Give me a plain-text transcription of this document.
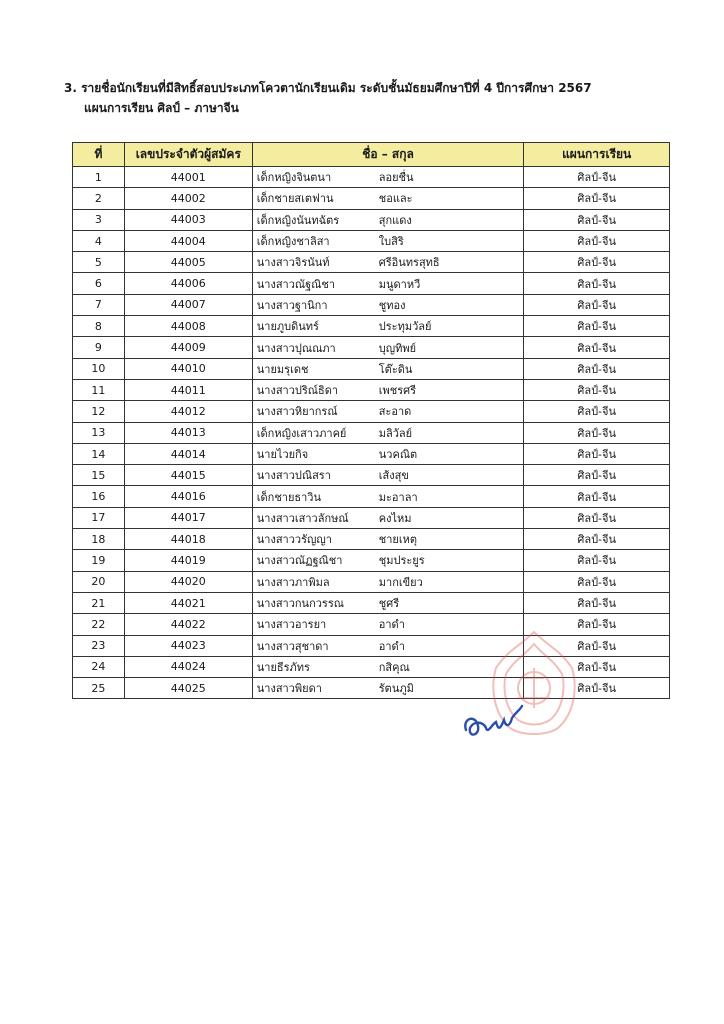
3. รายชื่อนักเรียนที่มีสิทธิ์สอบประเภทโควตานักเรียนเดิม ระดับชั้นมัธยมศึกษาปีที่ 4 ปีการศึกษา 2567
แผนการเรียน ศิลป์ – ภาษาจีน
ที่	เลขประจำตัวผู้สมัคร	ชื่อ – สกุล	แผนการเรียน
1	44001	เด็กหญิงจินตนา ลอยชื่น	ศิลป์-จีน
2	44002	เด็กชายสเตฟาน ชอและ	ศิลป์-จีน
3	44003	เด็กหญิงนันทฉัตร สุกแดง	ศิลป์-จีน
4	44004	เด็กหญิงชาลิสา ใบสิริ	ศิลป์-จีน
5	44005	นางสาวจิรนันท์ ศรีอินทรสุทธิ	ศิลป์-จีน
6	44006	นางสาวณัฐณิชา มนูดาหวี	ศิลป์-จีน
7	44007	นางสาวฐานิกา ชูทอง	ศิลป์-จีน
8	44008	นายภูบดินทร์ ประทุมวัลย์	ศิลป์-จีน
9	44009	นางสาวปุณณภา บุญทิพย์	ศิลป์-จีน
10	44010	นายมรุเดช โต๊ะดิน	ศิลป์-จีน
11	44011	นางสาวปริณ์ธิดา เพชรศรี	ศิลป์-จีน
12	44012	นางสาวหิยากรณ์ สะอาด	ศิลป์-จีน
13	44013	เด็กหญิงเสาวภาคย์ มลิวัลย์	ศิลป์-จีน
14	44014	นายไวยกิจ นวคณิต	ศิลป์-จีน
15	44015	นางสาวปณิสรา เส้งสุข	ศิลป์-จีน
16	44016	เด็กชายธาวิน มะอาลา	ศิลป์-จีน
17	44017	นางสาวเสาวลักษณ์ คงไหม	ศิลป์-จีน
18	44018	นางสาววรัญญา ชายเหตุ	ศิลป์-จีน
19	44019	นางสาวณัฏฐณิชา ชุมประยูร	ศิลป์-จีน
20	44020	นางสาวภาพิมล มากเขียว	ศิลป์-จีน
21	44021	นางสาวกนกวรรณ ชูศรี	ศิลป์-จีน
22	44022	นางสาวอารยา อาดำ	ศิลป์-จีน
23	44023	นางสาวสุชาดา อาดำ	ศิลป์-จีน
24	44024	นายธีรภัทร กสิคุณ	ศิลป์-จีน
25	44025	นางสาวพิยดา รัตนภูมิ	ศิลป์-จีน
